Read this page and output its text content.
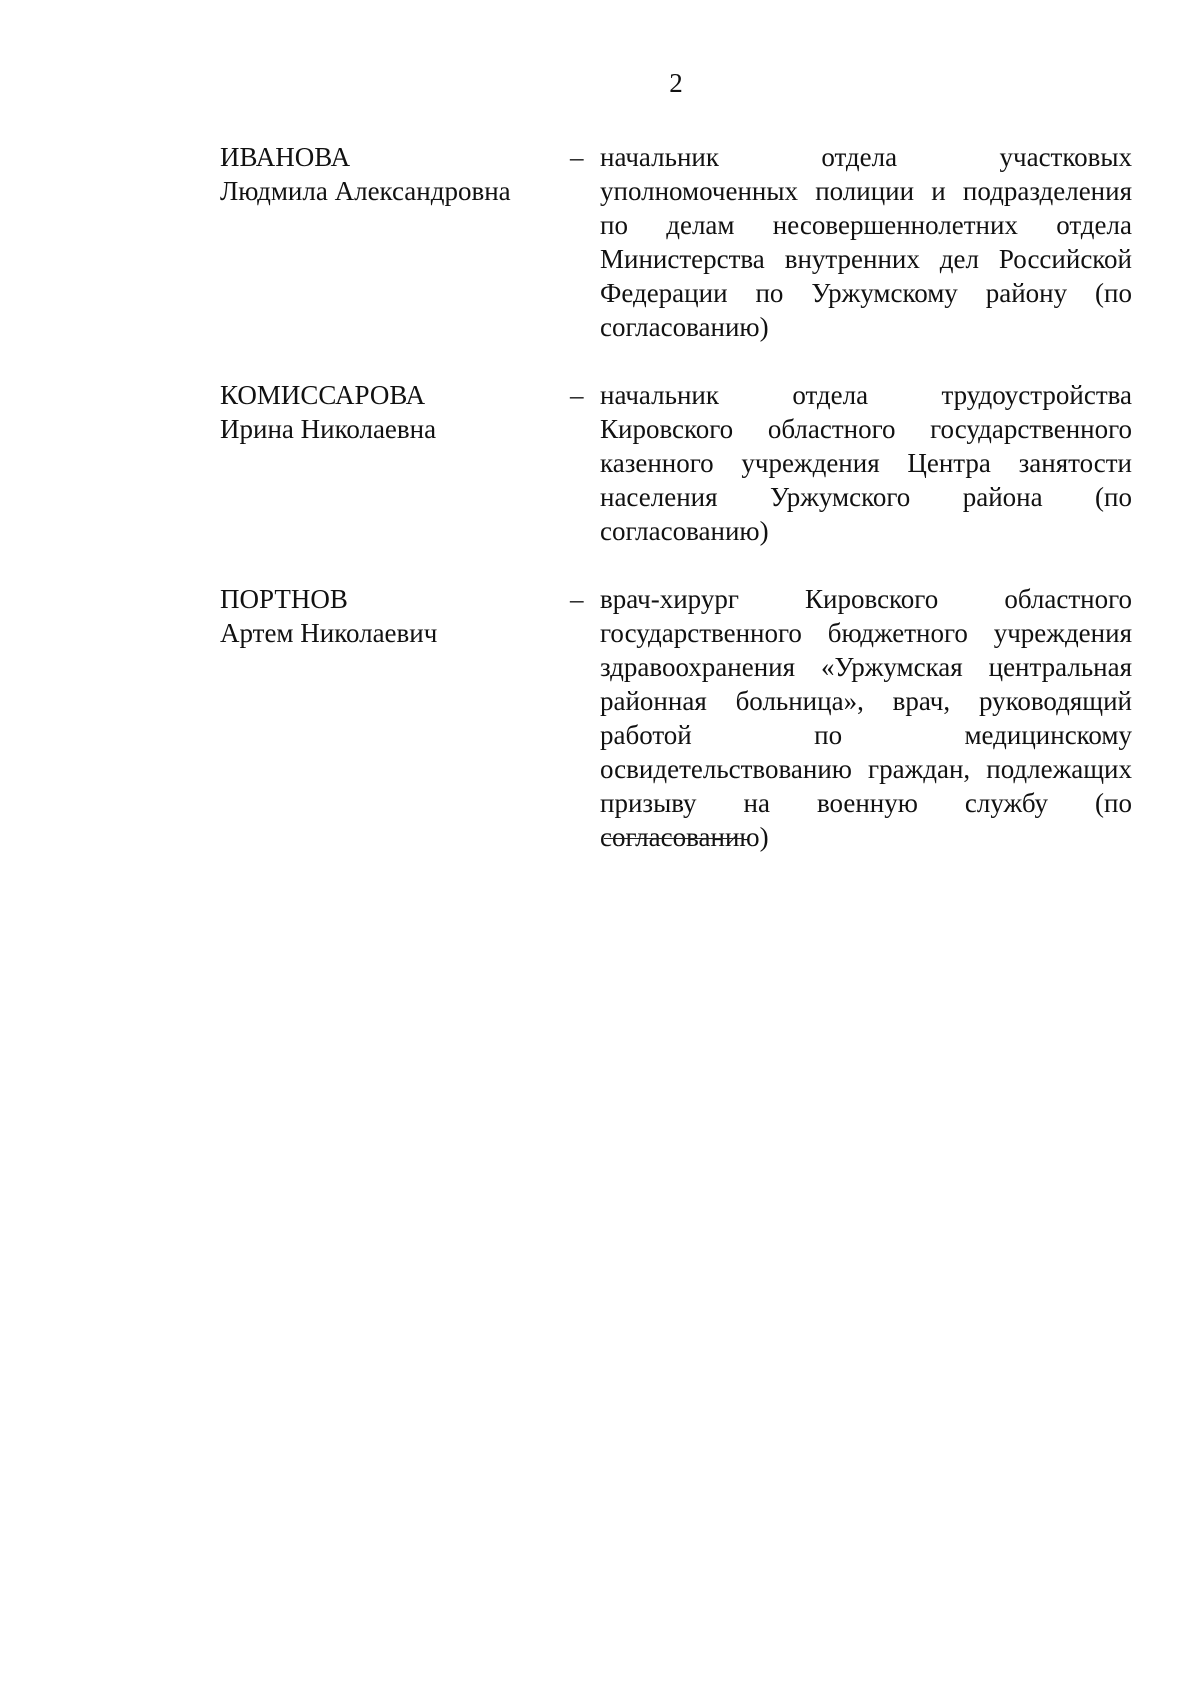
2
ИВАНОВА
Людмила Александровна
– начальник отдела участковых уполномоченных полиции и подразделения по делам несовершеннолетних отдела Министерства внутренних дел Российской Федерации по Уржумскому району (по согласованию)
КОМИССАРОВА
Ирина Николаевна
– начальник отдела трудоустройства Кировского областного государственного казенного учреждения Центра занятости населения Уржумского района (по согласованию)
ПОРТНОВ
Артем Николаевич
– врач-хирург Кировского областного государственного бюджетного учреждения здравоохранения «Уржумская центральная районная больница», врач, руководящий работой по медицинскому освидетельствованию граждан, подлежащих призыву на военную службу (по согласованию)
